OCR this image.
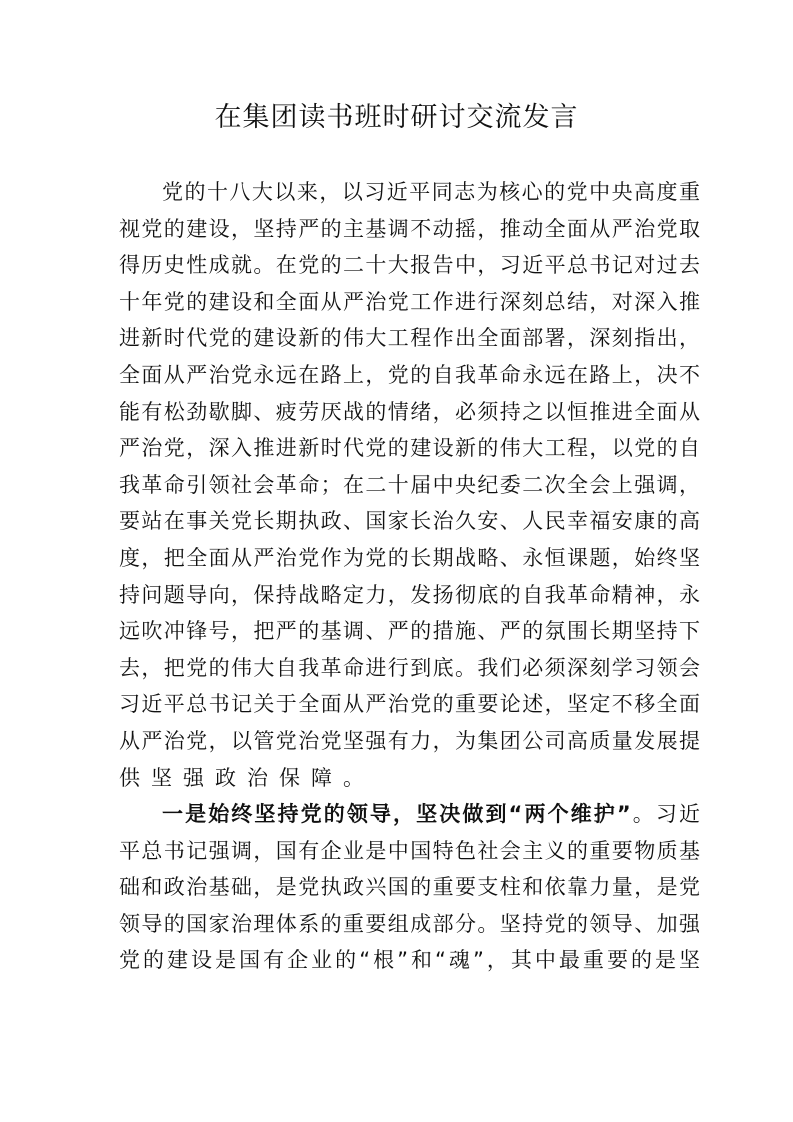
在集团读书班时研讨交流发言
党的十八大以来，以习近平同志为核心的党中央高度重
视党的建设，坚持严的主基调不动摇，推动全面从严治党取
得历史性成就。在党的二十大报告中，习近平总书记对过去
十年党的建设和全面从严治党工作进行深刻总结，对深入推
进新时代党的建设新的伟大工程作出全面部署，深刻指出，
全面从严治党永远在路上，党的自我革命永远在路上，决不
能有松劲歇脚、疲劳厌战的情绪，必须持之以恒推进全面从
严治党，深入推进新时代党的建设新的伟大工程，以党的自
我革命引领社会革命；在二十届中央纪委二次全会上强调，
要站在事关党长期执政、国家长治久安、人民幸福安康的高
度，把全面从严治党作为党的长期战略、永恒课题，始终坚
持问题导向，保持战略定力，发扬彻底的自我革命精神，永
远吹冲锋号，把严的基调、严的措施、严的氛围长期坚持下
去，把党的伟大自我革命进行到底。我们必须深刻学习领会
习近平总书记关于全面从严治党的重要论述，坚定不移全面
从严治党，以管党治党坚强有力，为集团公司高质量发展提
供坚强政治保障。
一是始终坚持党的领导，坚决做到“两个维护”。习近
平总书记强调，国有企业是中国特色社会主义的重要物质基
础和政治基础，是党执政兴国的重要支柱和依靠力量，是党
领导的国家治理体系的重要组成部分。坚持党的领导、加强
党的建设是国有企业的“根”和“魂”，其中最重要的是坚
